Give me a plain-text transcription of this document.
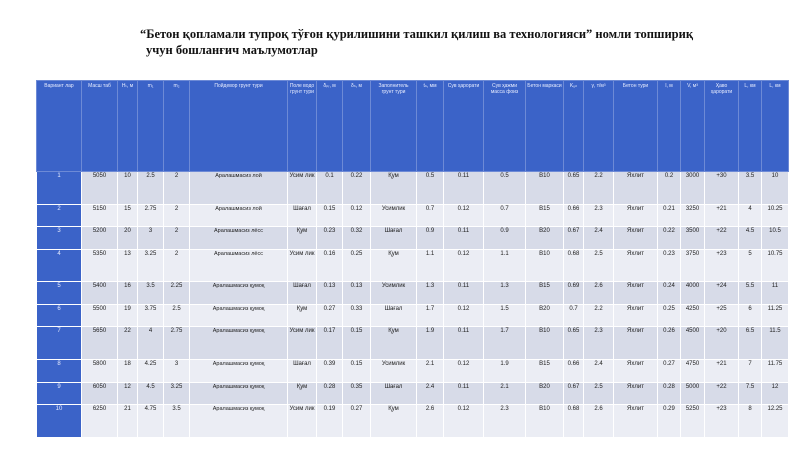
“Бетон қопламали тупроқ тўғон қурилишини ташкил қилиш ва технологияси” номли топшириқ
учун бошланғич маълумотлар
Вариант лар	Масш таб	Hₜ, м	m₁	m₂	Пойдевор грунт тури	Поле водо грунт тури	δₚᵣ, м	δₙ, м	Заполнитель грунт тури	tₙ, мм	Сув ҳарорати	Сув ҳажми масса фоиз	Бетон маркаси	Kᵤₙ	γ, т/м³	Бетон тури	l, м	V, м³	Ҳаво ҳарорати	L, км	L, км
1	5050	10	2.5	2	Аралашмасиз лой	Усим лик	0.1	0.22	Қум	0.5	0.11	0.5	B10	0.65	2.2	Яхлит	0.2	3000	+30	3.5	10
2	5150	15	2.75	2	Аралашмасиз лой	Шағал	0.15	0.12	Усимлик	0.7	0.12	0.7	B15	0.66	2.3	Яхлит	0.21	3250	+21	4	10.25
3	5200	20	3	2	Аралашмасиз лёсс	Қум	0.23	0.32	Шағал	0.9	0.11	0.9	B20	0.67	2.4	Яхлит	0.22	3500	+22	4.5	10.5
4	5350	13	3.25	2	Аралашмасиз лёсс	Усим лик	0.16	0.25	Қум	1.1	0.12	1.1	B10	0.68	2.5	Яхлит	0.23	3750	+23	5	10.75
5	5400	16	3.5	2.25	Аралашмасиз қумоқ	Шағал	0.13	0.13	Усимлик	1.3	0.11	1.3	B15	0.69	2.6	Яхлит	0.24	4000	+24	5.5	11
6	5500	19	3.75	2.5	Аралашмасиз қумоқ	Қум	0.27	0.33	Шағал	1.7	0.12	1.5	B20	0.7	2.2	Яхлит	0.25	4250	+25	6	11.25
7	5650	22	4	2.75	Аралашмасиз қумоқ	Усим лик	0.17	0.15	Қум	1.9	0.11	1.7	B10	0.65	2.3	Яхлит	0.26	4500	+20	6.5	11.5
8	5800	18	4.25	3	Аралашмасиз қумоқ	Шағал	0.39	0.15	Усимлик	2.1	0.12	1.9	B15	0.66	2.4	Яхлит	0.27	4750	+21	7	11.75
9	6050	12	4.5	3.25	Аралашмасиз қумоқ	Қум	0.28	0.35	Шағал	2.4	0.11	2.1	B20	0.67	2.5	Яхлит	0.28	5000	+22	7.5	12
10	6250	21	4.75	3.5	Аралашмасиз қумоқ	Усим лик	0.19	0.27	Қум	2.6	0.12	2.3	B10	0.68	2.6	Яхлит	0.29	5250	+23	8	12.25
